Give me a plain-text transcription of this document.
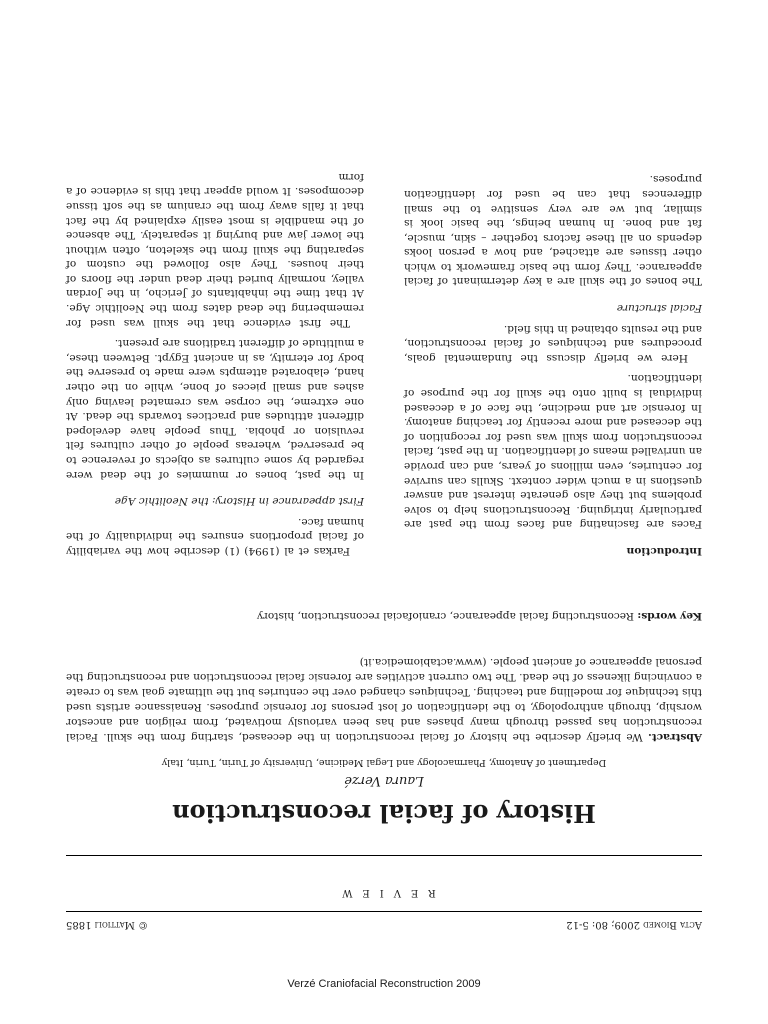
Acta Biomed 2009; 80: 5-12
© Mattioli 1885
REVIEW
History of facial reconstruction
Laura Verzé
Department of Anatomy, Pharmacology and Legal Medicine, University of Turin, Turin, Italy
Abstract. We briefly describe the history of facial reconstruction in the deceased, starting from the skull. Facial reconstruction has passed through many phases and has been variously motivated, from religion and ancestor worship, through anthropology, to the identification of lost persons for forensic purposes. Renaissance artists used this technique for modelling and teaching. Techniques changed over the centuries but the ultimate goal was to create a convincing likeness of the dead. The two current activities are forensic facial reconstruction and reconstructing the personal appearance of ancient people. (www.actabiomedica.it)
Key words: Reconstructing facial appearance, craniofacial reconstruction, history
Introduction

Faces are fascinating and faces from the past are particularly intriguing. Reconstructions help to solve problems but they also generate interest and answer questions in a much wider context. Skulls can survive for centuries, even millions of years, and can provide an unrivalled means of identification. In the past, facial reconstruction from skull was used for recognition of the deceased and more recently for teaching anatomy. In forensic art and medicine, the face of a deceased individual is built onto the skull for the purpose of identification.

Here we briefly discuss the fundamental goals, procedures and techniques of facial reconstruction, and the results obtained in this field.

Facial structure

The bones of the skull are a key determinant of facial appearance. They form the basic framework to which other tissues are attached, and how a person looks depends on all these factors together – skin, muscle, fat and bone. In human beings, the basic look is similar, but we are very sensitive to the small differences that can be used for identification purposes.

Farkas et al (1994) (1) describe how the variability of facial proportions ensures the individuality of the human face.

First appearance in History: the Neolithic Age

In the past, bones or mummies of the dead were regarded by some cultures as objects of reverence to be preserved, whereas people of other cultures felt revulsion or phobia. Thus people have developed different attitudes and practices towards the dead. At one extreme, the corpse was cremated leaving only ashes and small pieces of bone, while on the other hand, elaborated attempts were made to preserve the body for eternity, as in ancient Egypt. Between these, a multitude of different traditions are present.

The first evidence that the skull was used for remembering the dead dates from the Neolithic Age. At that time the inhabitants of Jericho, in the Jordan valley, normally buried their dead under the floors of their houses. They also followed the custom of separating the skull from the skeleton, often without the lower jaw and burying it separately. The absence of the mandible is most easily explained by the fact that it falls away from the cranium as the soft tissue decomposes. It would appear that this is evidence of a form

Verzé Craniofacial Reconstruction 2009
